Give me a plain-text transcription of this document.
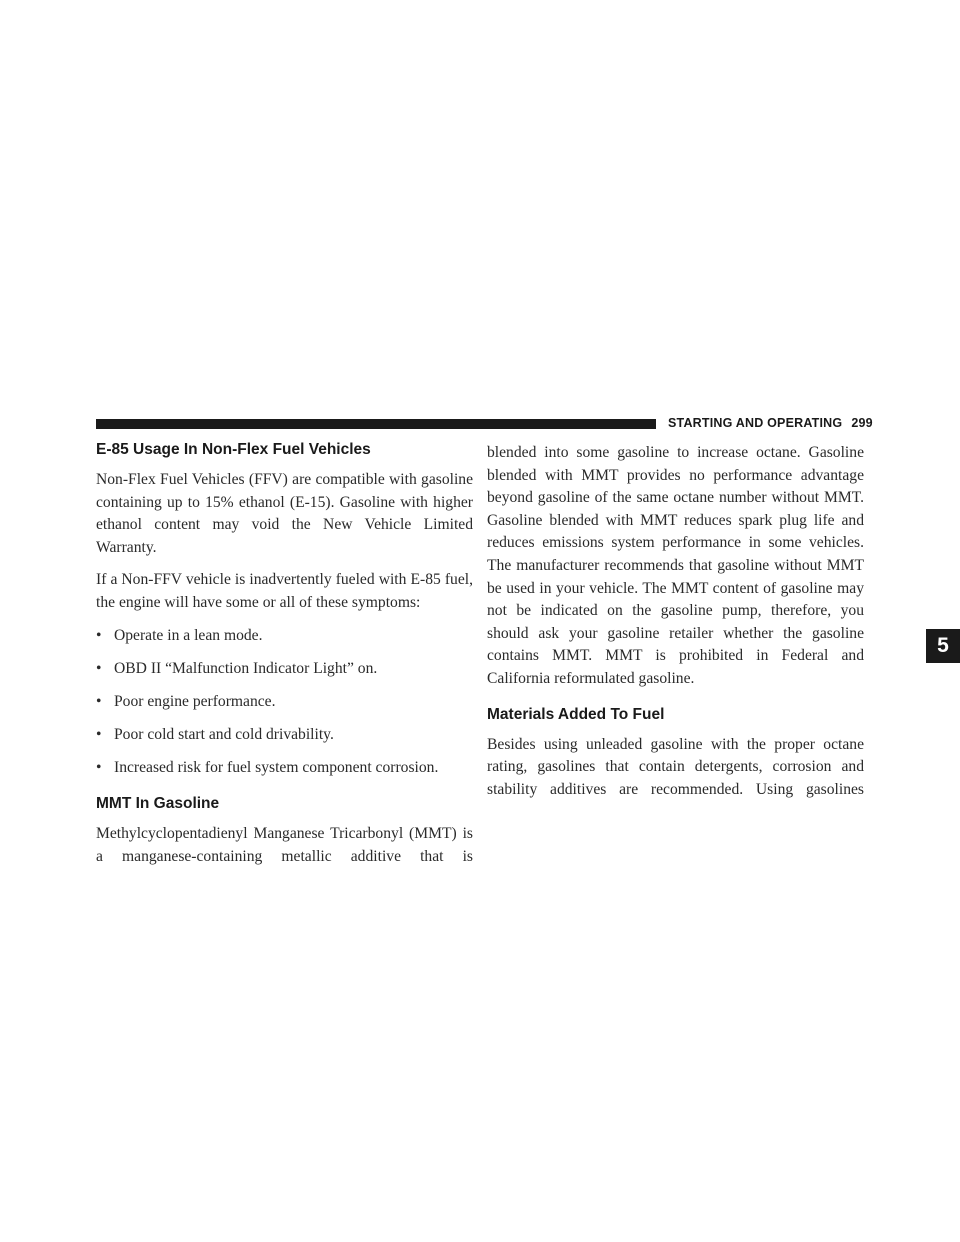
STARTING AND OPERATING 299
5
E-85 Usage In Non-Flex Fuel Vehicles

Non-Flex Fuel Vehicles (FFV) are compatible with gasoline containing up to 15% ethanol (E-15). Gasoline with higher ethanol content may void the New Vehicle Limited Warranty.

If a Non-FFV vehicle is inadvertently fueled with E-85 fuel, the engine will have some or all of these symptoms:

• Operate in a lean mode.
• OBD II “Malfunction Indicator Light” on.
• Poor engine performance.
• Poor cold start and cold drivability.
• Increased risk for fuel system component corrosion.
MMT In Gasoline

Methylcyclopentadienyl Manganese Tricarbonyl (MMT) is a manganese-containing metallic additive that is

blended into some gasoline to increase octane. Gasoline blended with MMT provides no performance advantage beyond gasoline of the same octane number without MMT. Gasoline blended with MMT reduces spark plug life and reduces emissions system performance in some vehicles. The manufacturer recommends that gasoline without MMT be used in your vehicle. The MMT content of gasoline may not be indicated on the gasoline pump, therefore, you should ask your gasoline retailer whether the gasoline contains MMT. MMT is prohibited in Federal and California reformulated gasoline.

Materials Added To Fuel

Besides using unleaded gasoline with the proper octane rating, gasolines that contain detergents, corrosion and stability additives are recommended. Using gasolines
